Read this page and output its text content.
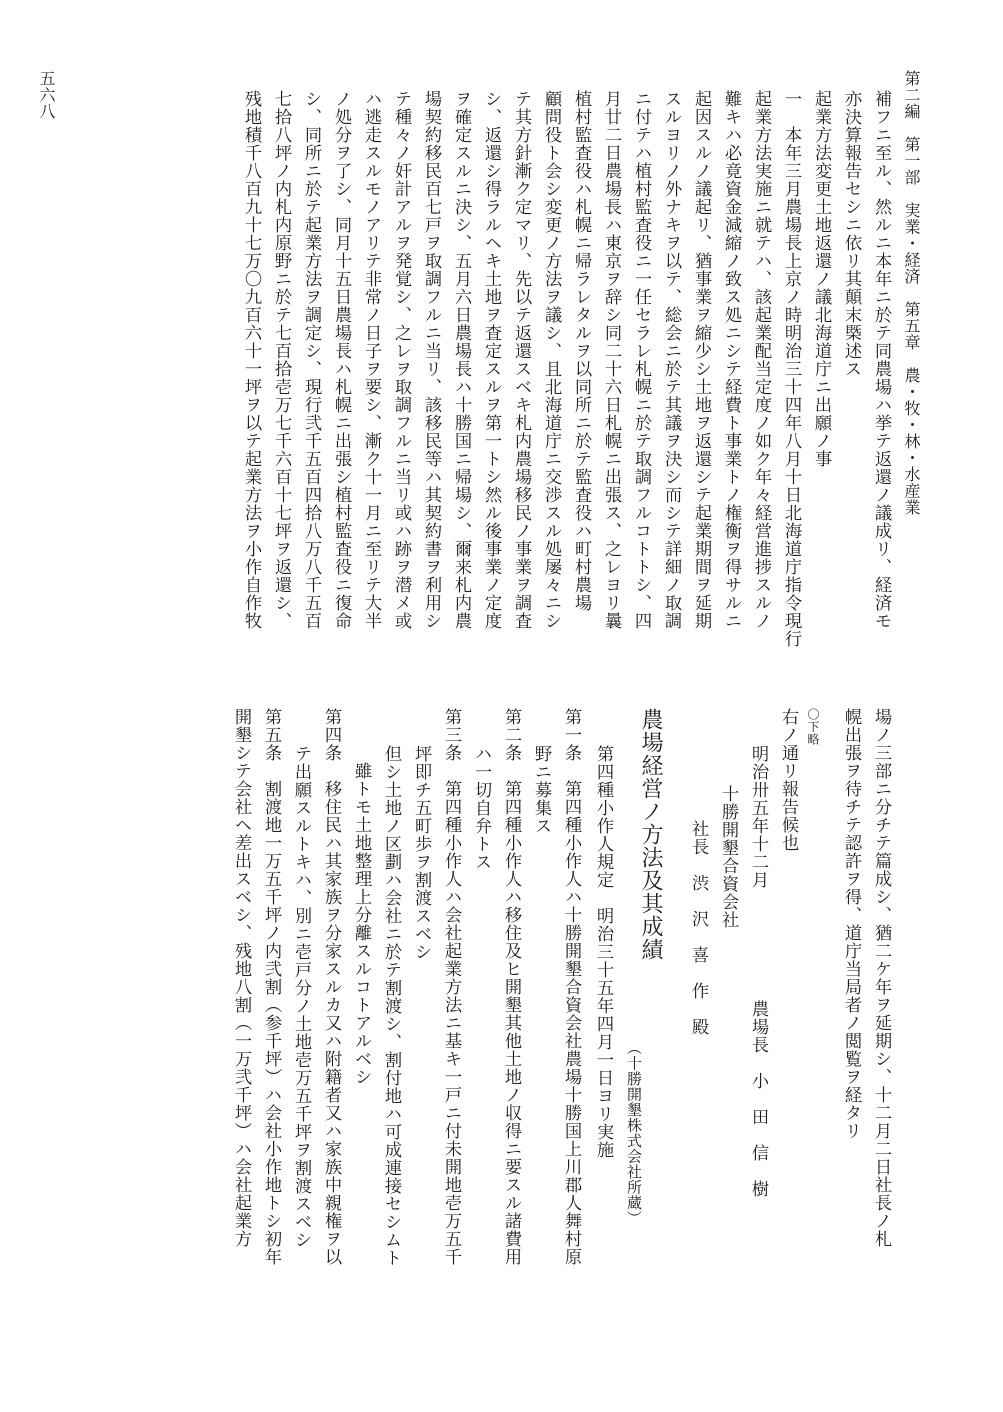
第二編　第一部　実業・経済　第五章　農・牧・林・水産業
五六八	補フニ至ル、然ルニ本年ニ於テ同農場ハ挙テ返還ノ議成リ、経済モ
亦決算報告セシニ依リ其顛末槩述ス
起業方法変更土地返還ノ議北海道庁ニ出願ノ事
一　本年三月農場長上京ノ時明治三十四年八月十日北海道庁指令現行
起業方法実施ニ就テハ、該起業配当定度ノ如ク年々経営進捗スルノ
難キハ必竟資金減縮ノ致ス処ニシテ経費ト事業トノ権衡ヲ得サルニ
起因スルノ議起リ、猶事業ヲ縮少シ土地ヲ返還シテ起業期間ヲ延期
スルヨリノ外ナキヲ以テ、総会ニ於テ其議ヲ決シ而シテ詳細ノ取調
ニ付テハ植村監査役ニ一任セラレ札幌ニ於テ取調フルコトトシ、四
月廿二日農場長ハ東京ヲ辞シ同二十六日札幌ニ出張ス、之レヨリ曩
植村監査役ハ札幌ニ帰ラレタルヲ以同所ニ於テ監査役ハ町村農場
顧問役ト会シ変更ノ方法ヲ議シ、且北海道庁ニ交渉スル処屡々ニシ
テ其方針漸ク定マリ、先以テ返還スベキ札内農場移民ノ事業ヲ調査
シ、返還シ得ラルヘキ土地ヲ査定スルヲ第一トシ然ル後事業ノ定度
ヲ確定スルニ決シ、五月六日農場長ハ十勝国ニ帰場シ、爾来札内農
場契約移民百七戸ヲ取調フルニ当リ、該移民等ハ其契約書ヲ利用シ
テ種々ノ奸計アルヲ発覚シ、之レヲ取調フルニ当リ或ハ跡ヲ潜メ或
ハ逃走スルモノアリテ非常ノ日子ヲ要シ、漸ク十一月ニ至リテ大半
ノ処分ヲ了シ、同月十五日農場長ハ札幌ニ出張シ植村監査役ニ復命
シ、同所ニ於テ起業方法ヲ調定シ、現行弐千五百四拾八万八千五百
七拾八坪ノ内札内原野ニ於テ七百拾壱万七千六百十七坪ヲ返還シ、
残地積千八百九十七万〇九百六十一坪ヲ以テ起業方法ヲ小作自作牧
場ノ三部ニ分チテ篇成シ、猶二ケ年ヲ延期シ、十二月二日社長ノ札
幌出張ヲ待チテ認許ヲ得、道庁当局者ノ閲覧ヲ経タリ
〇下略
右ノ通リ報告候也
明治卅五年十二月
農場長　小　田　信　樹
十勝開墾合資会社
社長　渋　沢　喜　作　殿
農場経営ノ方法及其成績
（十勝開墾株式会社所蔵）
第四種小作人規定　明治三十五年四月一日ヨリ実施
第一条　第四種小作人ハ十勝開墾合資会社農場十勝国上川郡人舞村原
野ニ募集ス
第二条　第四種小作人ハ移住及ヒ開墾其他土地ノ収得ニ要スル諸費用
ハ一切自弁トス
第三条　第四種小作人ハ会社起業方法ニ基キ一戸ニ付未開地壱万五千
坪即チ五町歩ヲ割渡スベシ
但シ土地ノ区劃ハ会社ニ於テ割渡シ、割付地ハ可成連接セシムト
雖トモ土地整理上分離スルコトアルベシ
第四条　移住民ハ其家族ヲ分家スルカ又ハ附籍者又ハ家族中親権ヲ以
テ出願スルトキハ、別ニ壱戸分ノ土地壱万五千坪ヲ割渡スベシ
第五条　割渡地一万五千坪ノ内弐割（参千坪）ハ会社小作地トシ初年
開墾シテ会社ヘ差出スベシ、残地八割（一万弐千坪）ハ会社起業方
